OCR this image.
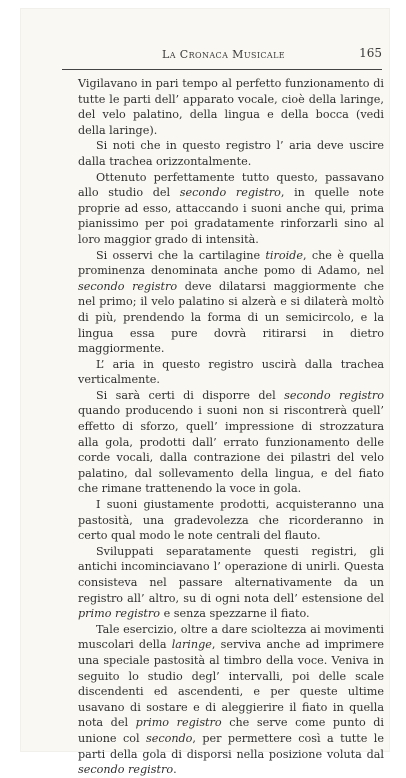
La Cronaca Musicale	165

Vigilavano in pari tempo al perfetto funzionamento di tutte le parti dell’ apparato vocale, cioè della laringe, del velo palatino, della lingua e della bocca (vedi della laringe).

Si noti che in questo registro l’ aria deve uscire dalla trachea orizzontalmente.

Ottenuto perfettamente tutto questo, passavano allo studio del secondo registro, in quelle note proprie ad esso, attaccando i suoni anche qui, prima pianissimo per poi gradatamente rinforzarli sino al loro maggior grado di intensità.

Si osservi che la cartilagine tiroide, che è quella prominenza denominata anche pomo di Adamo, nel secondo registro deve dilatarsi maggiormente che nel primo; il velo palatino si alzerà e si dilaterà moltò di più, prendendo la forma di un semicircolo, e la lingua essa pure dovrà ritirarsi in dietro maggiormente.

L’ aria in questo registro uscirà dalla trachea verticalmente.

Si sarà certi di disporre del secondo registro quando producendo i suoni non si riscontrerà quell’ effetto di sforzo, quell’ impressione di strozzatura alla gola, prodotti dall’ errato funzionamento delle corde vocali, dalla contrazione dei pilastri del velo palatino, dal sollevamento della lingua, e del fiato che rimane trattenendo la voce in gola.

I suoni giustamente prodotti, acquisteranno una pastosità, una gradevolezza che ricorderanno in certo qual modo le note centrali del flauto.

Sviluppati separatamente questi registri, gli antichi incominciavano l’ operazione di unirli. Questa consisteva nel passare alternativamente da un registro all’ altro, su di ogni nota dell’ estensione del primo registro e senza spezzarne il fiato.

Tale esercizio, oltre a dare scioltezza ai movimenti muscolari della laringe, serviva anche ad imprimere una speciale pastosità al timbro della voce. Veniva in seguito lo studio degl’ intervalli, poi delle scale discendenti ed ascendenti, e per queste ultime usavano di sostare e di aleggierire il fiato in quella nota del primo registro che serve come punto di unione col secondo, per permettere così a tutte le parti della gola di disporsi nella posizione voluta dal secondo registro.
